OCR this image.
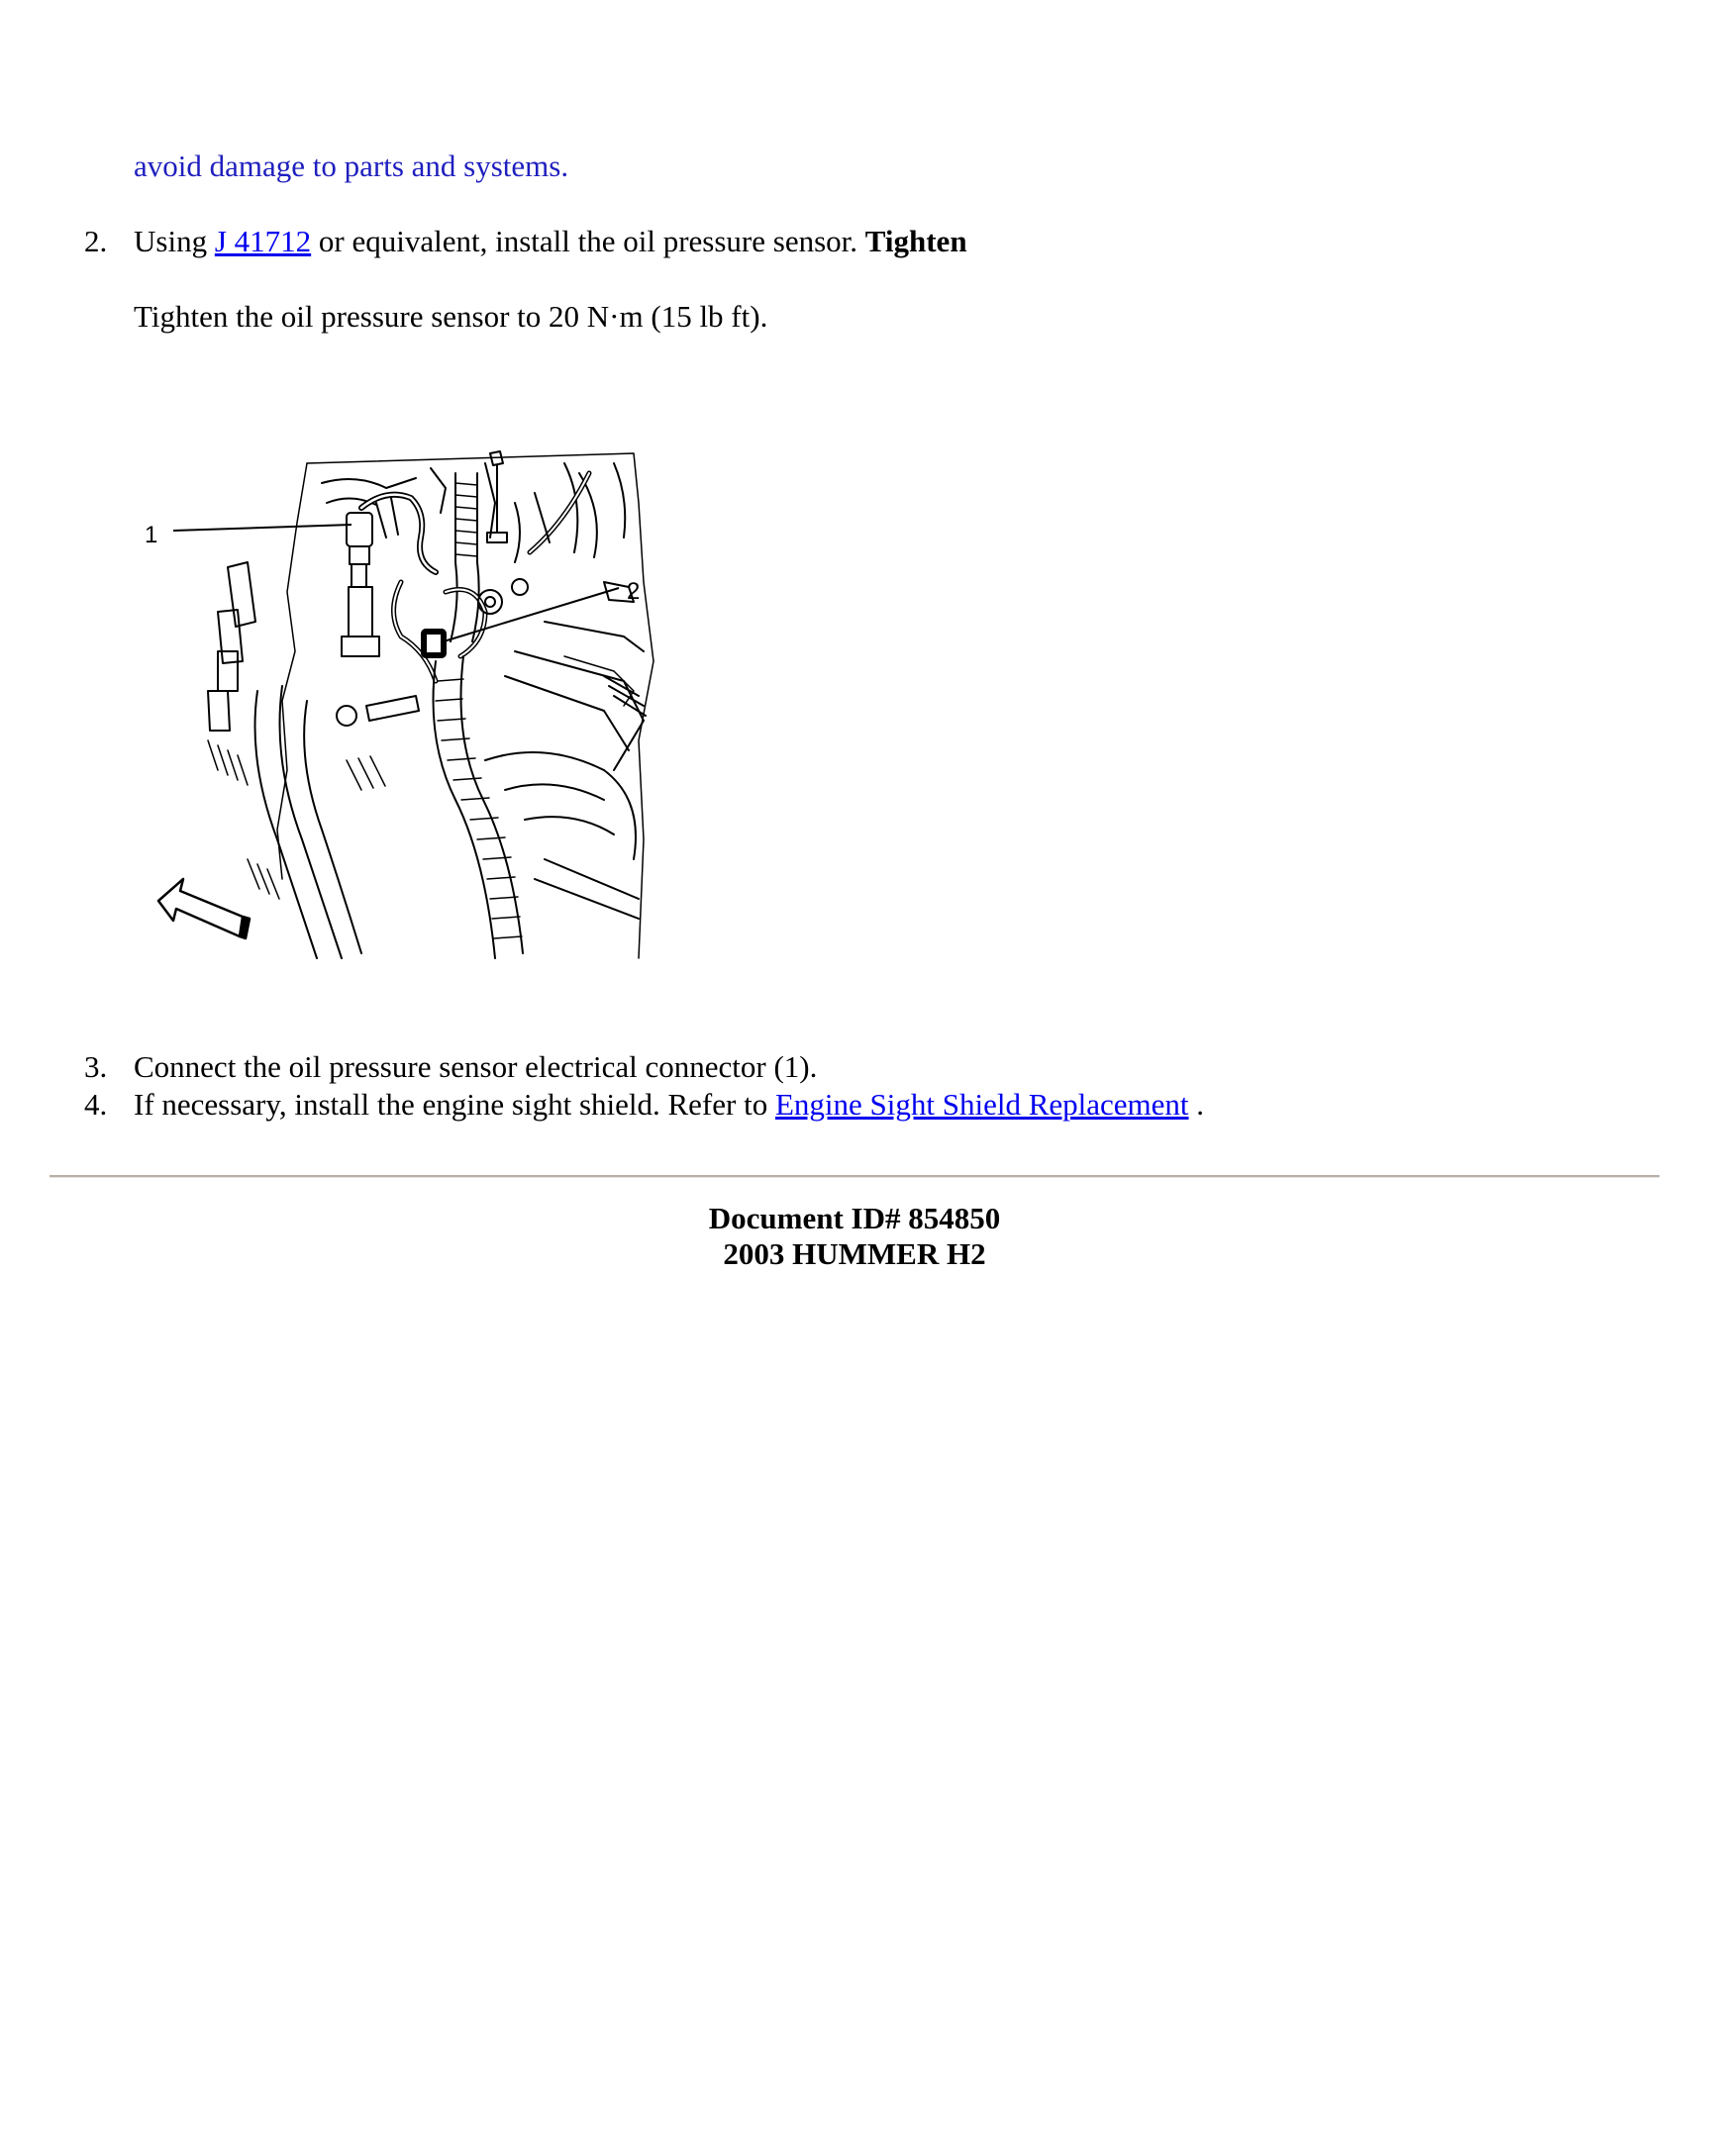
avoid damage to parts and systems.
2. Using J 41712 or equivalent, install the oil pressure sensor. Tighten
Tighten the oil pressure sensor to 20 N·m (15 lb ft).
1
2
3. Connect the oil pressure sensor electrical connector (1).
4. If necessary, install the engine sight shield. Refer to Engine Sight Shield Replacement .
Document ID# 854850
2003 HUMMER H2
